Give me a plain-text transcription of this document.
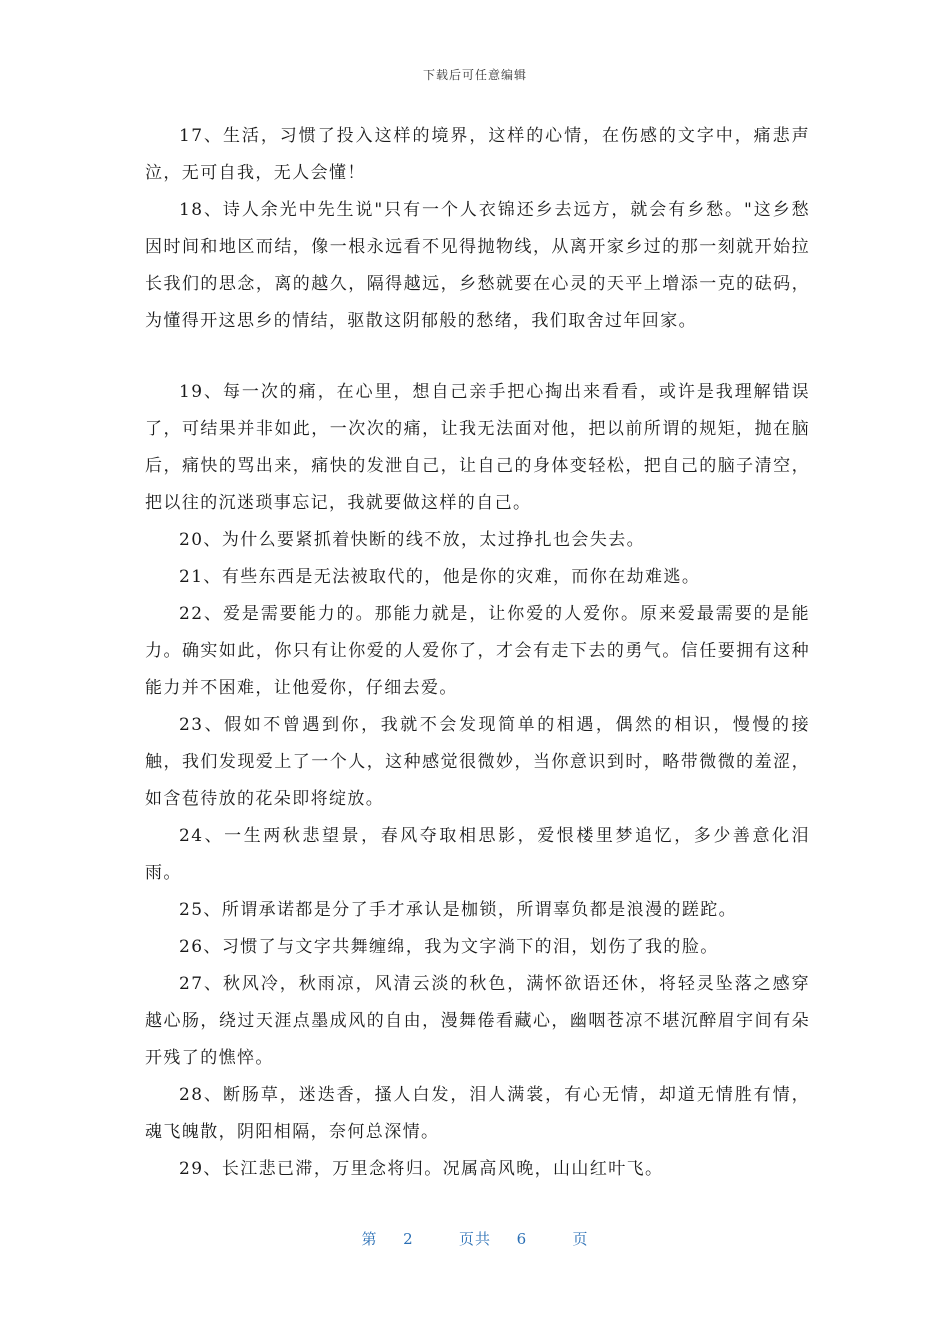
下载后可任意编辑

17、生活，习惯了投入这样的境界，这样的心情，在伤感的文字中，痛悲声泣，无可自我，无人会懂！

18、诗人余光中先生说"只有一个人衣锦还乡去远方，就会有乡愁。"这乡愁因时间和地区而结，像一根永远看不见得抛物线，从离开家乡过的那一刻就开始拉长我们的思念，离的越久，隔得越远，乡愁就要在心灵的天平上增添一克的砝码，为懂得开这思乡的情结，驱散这阴郁般的愁绪，我们取舍过年回家。

19、每一次的痛，在心里，想自己亲手把心掏出来看看，或许是我理解错误了，可结果并非如此，一次次的痛，让我无法面对他，把以前所谓的规矩，抛在脑后，痛快的骂出来，痛快的发泄自己，让自己的身体变轻松，把自己的脑子清空，把以往的沉迷琐事忘记，我就要做这样的自己。

20、为什么要紧抓着快断的线不放，太过挣扎也会失去。

21、有些东西是无法被取代的，他是你的灾难，而你在劫难逃。

22、爱是需要能力的。那能力就是，让你爱的人爱你。原来爱最需要的是能力。确实如此，你只有让你爱的人爱你了，才会有走下去的勇气。信任要拥有这种能力并不困难，让他爱你，仔细去爱。

23、假如不曾遇到你，我就不会发现简单的相遇，偶然的相识，慢慢的接触，我们发现爱上了一个人，这种感觉很微妙，当你意识到时，略带微微的羞涩，如含苞待放的花朵即将绽放。

24、一生两秋悲望景，春风夺取相思影，爱恨楼里梦追忆，多少善意化泪雨。

25、所谓承诺都是分了手才承认是枷锁，所谓辜负都是浪漫的蹉跎。

26、习惯了与文字共舞缠绵，我为文字淌下的泪，划伤了我的脸。

27、秋风冷，秋雨凉，风清云淡的秋色，满怀欲语还休，将轻灵坠落之感穿越心肠，绕过天涯点墨成风的自由，漫舞倦看藏心，幽咽苍凉不堪沉醉眉宇间有朵开残了的憔悴。

28、断肠草，迷迭香，搔人白发，泪人满裳，有心无情，却道无情胜有情，魂飞魄散，阴阳相隔，奈何总深情。

29、长江悲已滞，万里念将归。况属高风晚，山山红叶飞。

第 2	页共 6	页
